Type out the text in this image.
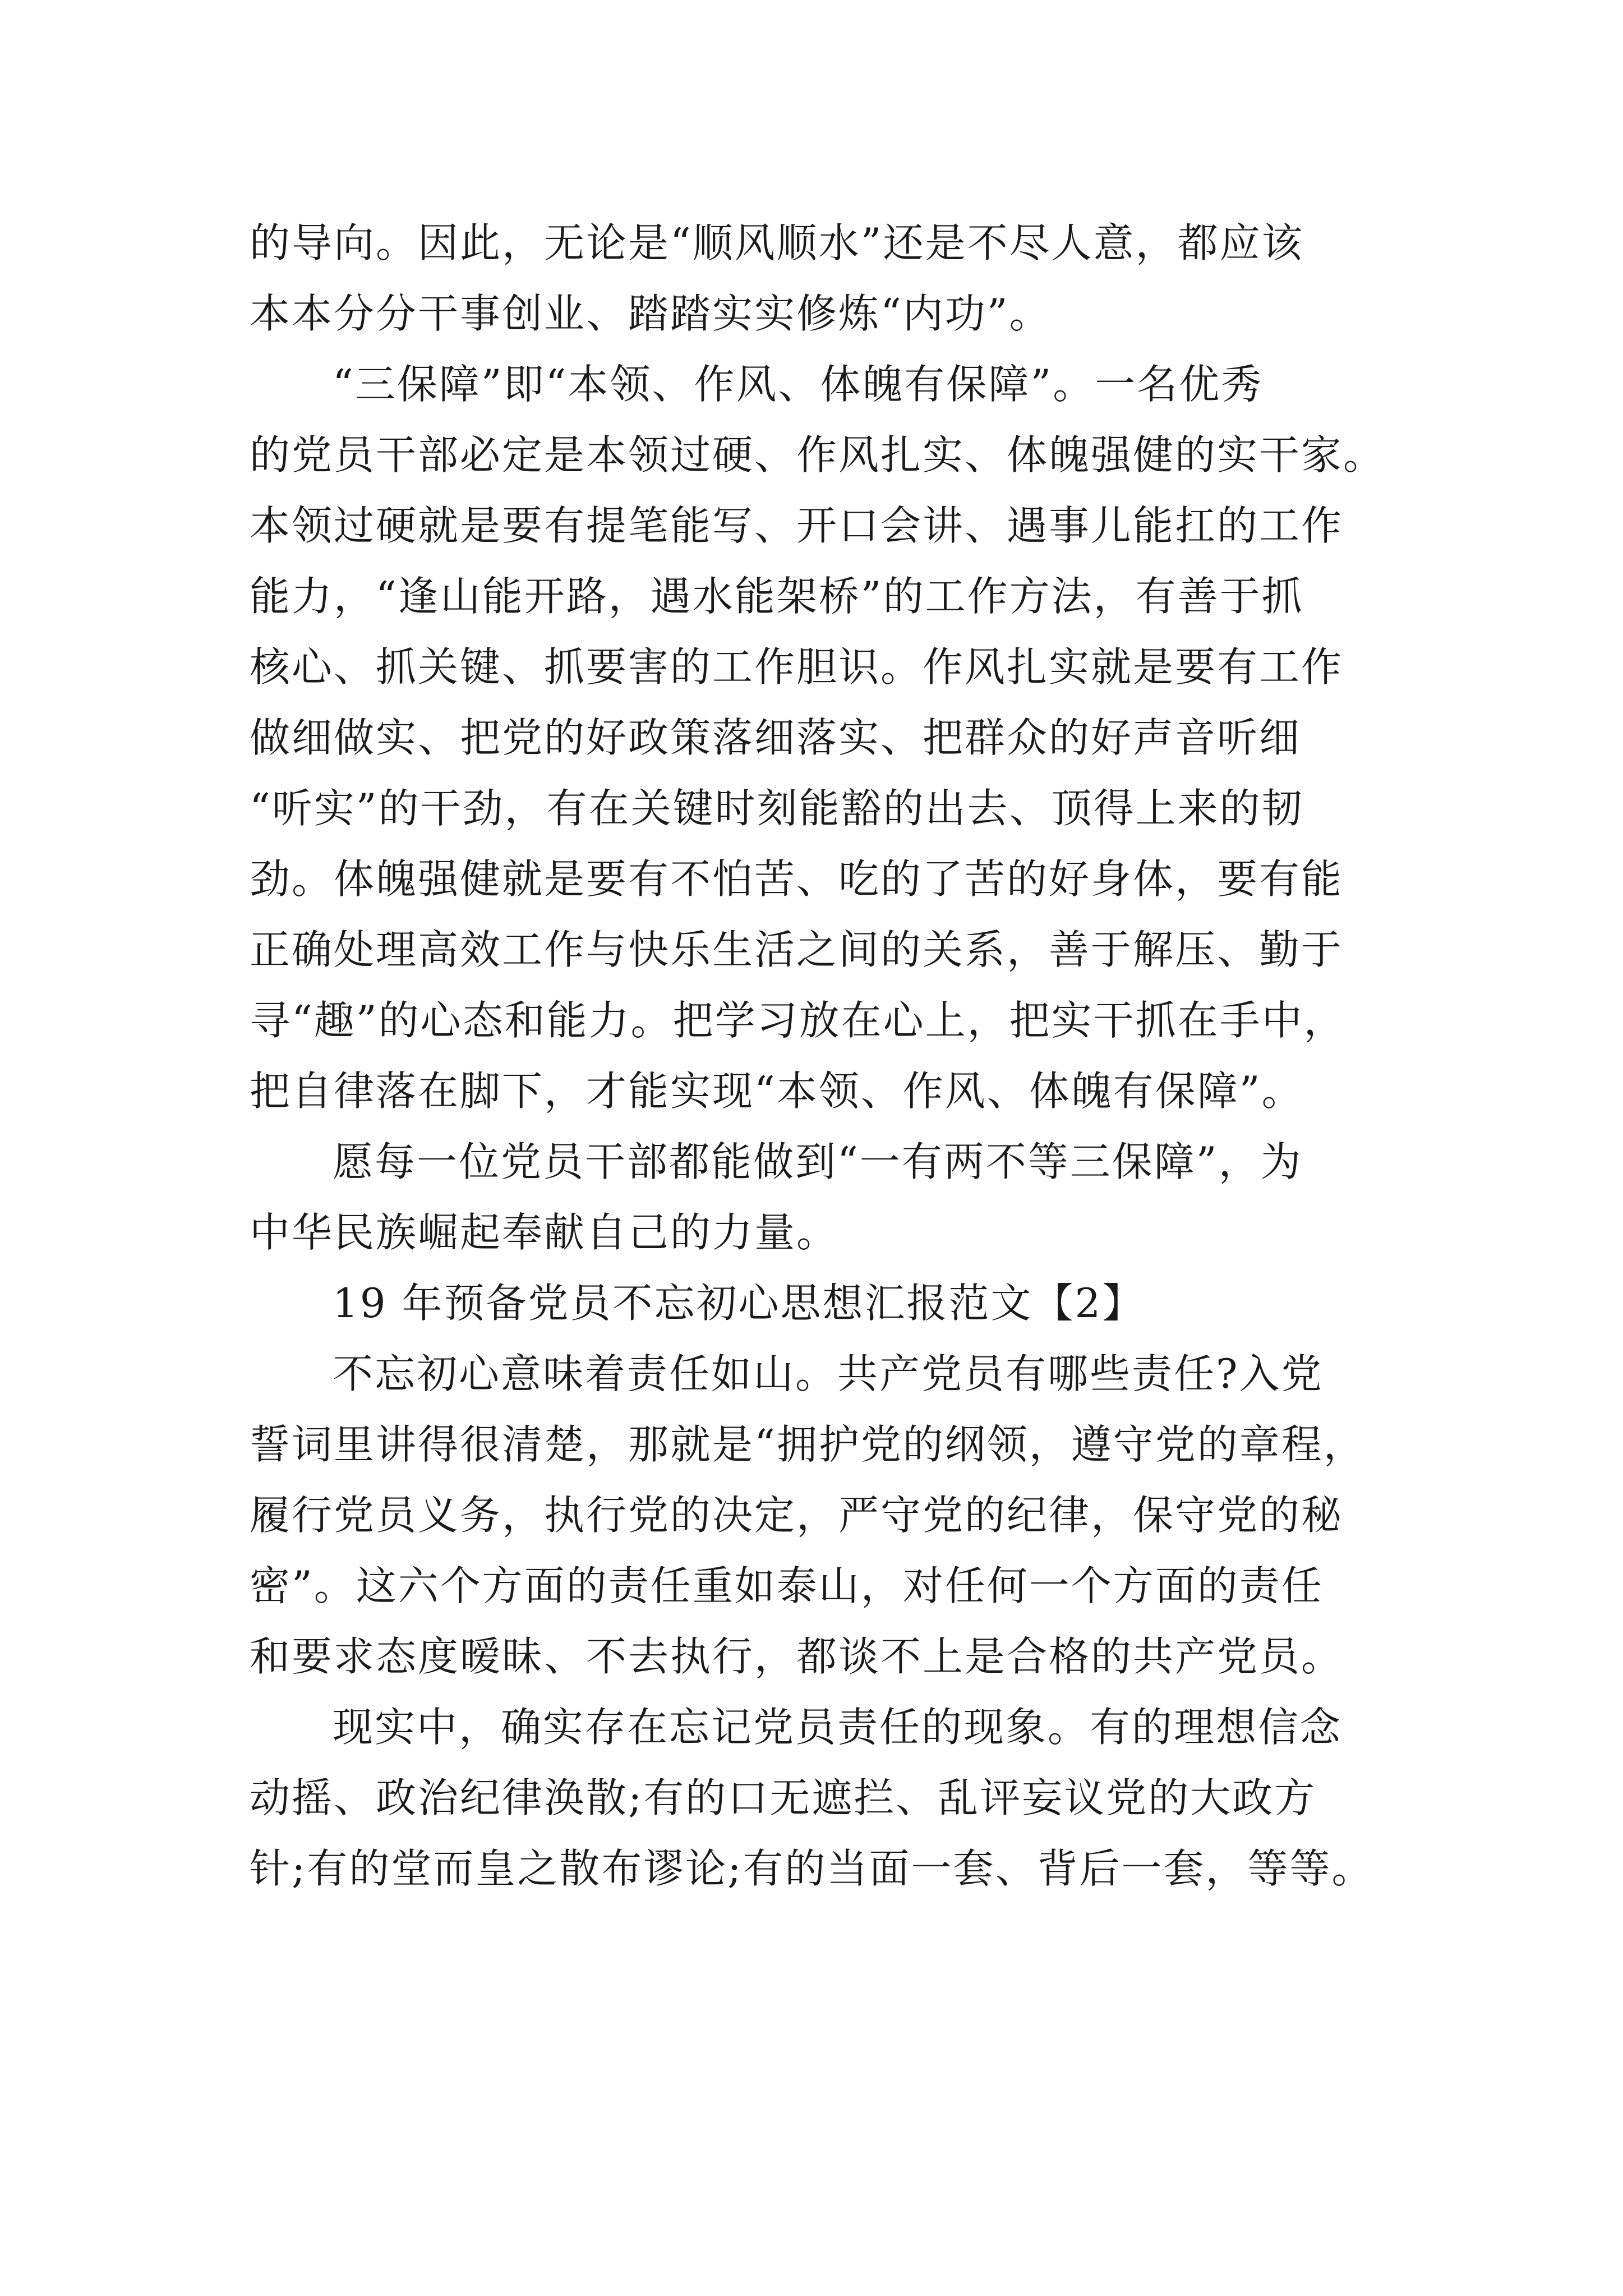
的导向。因此，无论是“顺风顺水”还是不尽人意，都应该
本本分分干事创业、踏踏实实修炼“内功”。
“三保障”即“本领、作风、体魄有保障”。一名优秀
的党员干部必定是本领过硬、作风扎实、体魄强健的实干家。
本领过硬就是要有提笔能写、开口会讲、遇事儿能扛的工作
能力，“逢山能开路，遇水能架桥”的工作方法，有善于抓
核心、抓关键、抓要害的工作胆识。作风扎实就是要有工作
做细做实、把党的好政策落细落实、把群众的好声音听细
“听实”的干劲，有在关键时刻能豁的出去、顶得上来的韧
劲。体魄强健就是要有不怕苦、吃的了苦的好身体，要有能
正确处理高效工作与快乐生活之间的关系，善于解压、勤于
寻“趣”的心态和能力。把学习放在心上，把实干抓在手中，
把自律落在脚下，才能实现“本领、作风、体魄有保障”。
愿每一位党员干部都能做到“一有两不等三保障”，为
中华民族崛起奉献自己的力量。
19 年预备党员不忘初心思想汇报范文【2】
不忘初心意味着责任如山。共产党员有哪些责任?入党
誓词里讲得很清楚，那就是“拥护党的纲领，遵守党的章程，
履行党员义务，执行党的决定，严守党的纪律，保守党的秘
密”。这六个方面的责任重如泰山，对任何一个方面的责任
和要求态度暧昧、不去执行，都谈不上是合格的共产党员。
现实中，确实存在忘记党员责任的现象。有的理想信念
动摇、政治纪律涣散;有的口无遮拦、乱评妄议党的大政方
针;有的堂而皇之散布谬论;有的当面一套、背后一套，等等。
